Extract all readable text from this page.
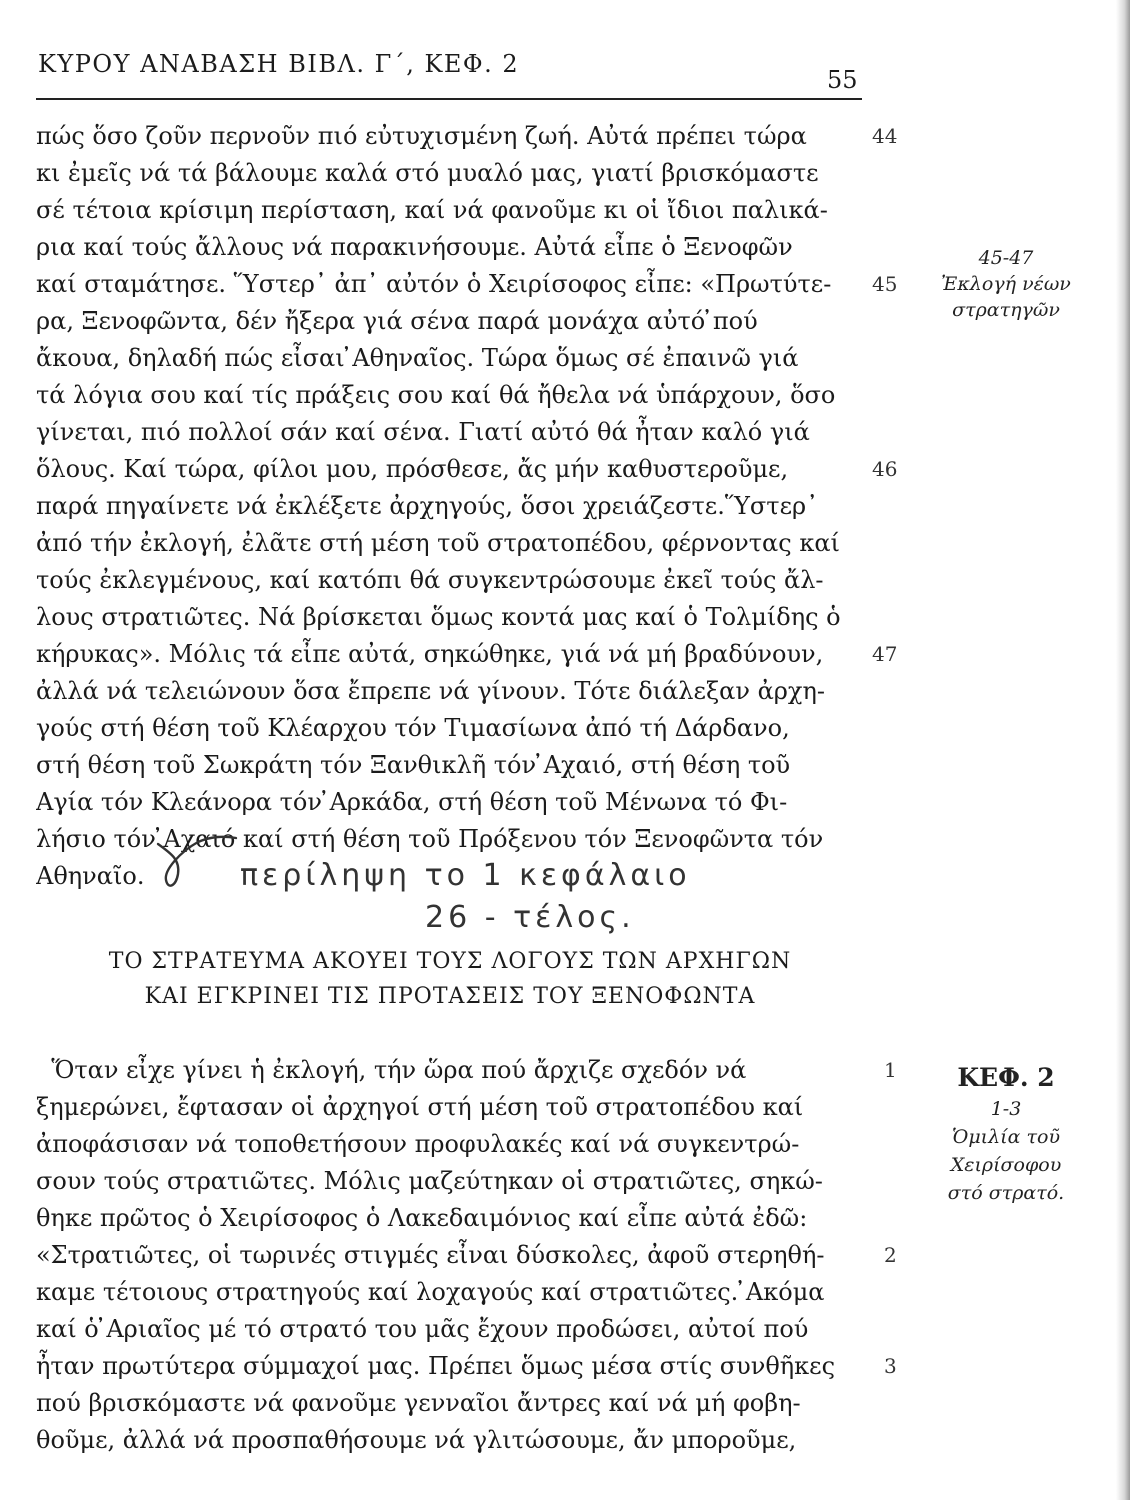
ΚΥΡΟΥ ΑΝΑΒΑΣΗ ΒΙΒΛ. Γ΄, ΚΕΦ. 2
55
πώς ὅσο ζοῦν περνοῦν πιό εὐτυχισμένη ζωή. Αὐτά πρέπει τώρα
κι ἐμεῖς νά τά βάλουμε καλά στό μυαλό μας, γιατί βρισκόμαστε
σέ τέτοια κρίσιμη περίσταση, καί νά φανοῦμε κι οἱ ἴδιοι παλικά-
ρια καί τούς ἄλλους νά παρακινήσουμε. Αὐτά εἶπε ὁ Ξενοφῶν
καί σταμάτησε. Ὕστερ᾽ ἀπ᾽ αὐτόν ὁ Χειρίσοφος εἶπε: «Πρωτύτε-
ρα, Ξενοφῶντα, δέν ἤξερα γιά σένα παρά μονάχα αὐτό ̓πού
ἄκουα, δηλαδή πώς εἶσαι ̓Αθηναῖος. Τώρα ὅμως σέ ἐπαινῶ γιά
τά λόγια σου καί τίς πράξεις σου καί θά ἤθελα νά ὑπάρχουν, ὅσο
γίνεται, πιό πολλοί σάν καί σένα. Γιατί αὐτό θά ἦταν καλό γιά
ὅλους. Καί τώρα, φίλοι μου, πρόσθεσε, ἄς μήν καθυστεροῦμε,
παρά πηγαίνετε νά ἐκλέξετε ἀρχηγούς, ὅσοι χρειάζεστε.Ὕστερ᾽
ἀπό τήν ἐκλογή, ἐλᾶτε στή μέση τοῦ στρατοπέδου, φέρνοντας καί
τούς ἐκλεγμένους, καί κατόπι θά συγκεντρώσουμε ἐκεῖ τούς ἄλ-
λους στρατιῶτες. Νά βρίσκεται ὅμως κοντά μας καί ὁ Τολμίδης ὁ
κήρυκας». Μόλις τά εἶπε αὐτά, σηκώθηκε, γιά νά μή βραδύνουν,
ἀλλά νά τελειώνουν ὅσα ἔπρεπε νά γίνουν. Τότε διάλεξαν ἀρχη-
γούς στή θέση τοῦ Κλέαρχου τόν Τιμασίωνα ἀπό τή Δάρδανο,
στή θέση τοῦ Σωκράτη τόν Ξανθικλῆ τόν ̓Αχαιό, στή θέση τοῦ
̓Αγία τόν Κλεάνορα τόν ̓Αρκάδα, στή θέση τοῦ Μένωνα τό Φι-
λήσιο τόν ̓Αχαιό καί στή θέση τοῦ Πρόξενου τόν Ξενοφῶντα τόν
̓Αθηναῖο.
44
45
46
47
45-47
Ἐκλογή νέων
στρατηγῶν
περίληψη το 1 κεφάλαιο
26 - τέλος.
ΤΟ ΣΤΡΑΤΕΥΜΑ ΑΚΟΥΕΙ ΤΟΥΣ ΛΟΓΟΥΣ ΤΩΝ ΑΡΧΗΓΩΝ
ΚΑΙ ΕΓΚΡΙΝΕΙ ΤΙΣ ΠΡΟΤΑΣΕΙΣ ΤΟΥ ΞΕΝΟΦΩΝΤΑ
Ὅταν εἶχε γίνει ἡ ἐκλογή, τήν ὥρα πού ἄρχιζε σχεδόν νά
ξημερώνει, ἔφτασαν οἱ ἀρχηγοί στή μέση τοῦ στρατοπέδου καί
ἀποφάσισαν νά τοποθετήσουν προφυλακές καί νά συγκεντρώ-
σουν τούς στρατιῶτες. Μόλις μαζεύτηκαν οἱ στρατιῶτες, σηκώ-
θηκε πρῶτος ὁ Χειρίσοφος ὁ Λακεδαιμόνιος καί εἶπε αὐτά ἐδῶ:
«Στρατιῶτες, οἱ τωρινές στιγμές εἶναι δύσκολες, ἀφοῦ στερηθή-
καμε τέτοιους στρατηγούς καί λοχαγούς καί στρατιῶτες. ̓Ακόμα
καί ὁ ̓Αριαῖος μέ τό στρατό του μᾶς ἔχουν προδώσει, αὐτοί πού
ἦταν πρωτύτερα σύμμαχοί μας. Πρέπει ὅμως μέσα στίς συνθῆκες
πού βρισκόμαστε νά φανοῦμε γενναῖοι ἄντρες καί νά μή φοβη-
θοῦμε, ἀλλά νά προσπαθήσουμε νά γλιτώσουμε, ἄν μποροῦμε,
1
2
3
ΚΕΦ. 2
1-3
Ὁμιλία τοῦ
Χειρίσοφου
στό στρατό.
